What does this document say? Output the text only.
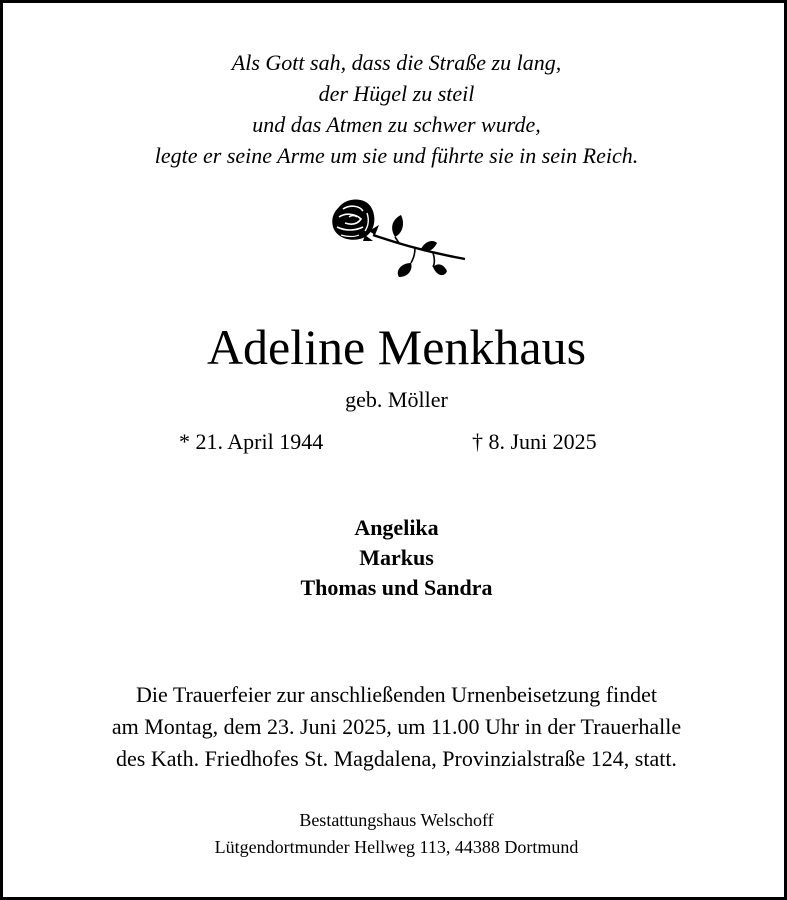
Als Gott sah, dass die Straße zu lang,
der Hügel zu steil
und das Atmen zu schwer wurde,
legte er seine Arme um sie und führte sie in sein Reich.
Adeline Menkhaus
geb. Möller
* 21. April 1944	† 8. Juni 2025
Angelika
Markus
Thomas und Sandra
Die Trauerfeier zur anschließenden Urnenbeisetzung findet
am Montag, dem 23. Juni 2025, um 11.00 Uhr in der Trauerhalle
des Kath. Friedhofes St. Magdalena, Provinzialstraße 124, statt.
Bestattungshaus Welschoff
Lütgendortmunder Hellweg 113, 44388 Dortmund
